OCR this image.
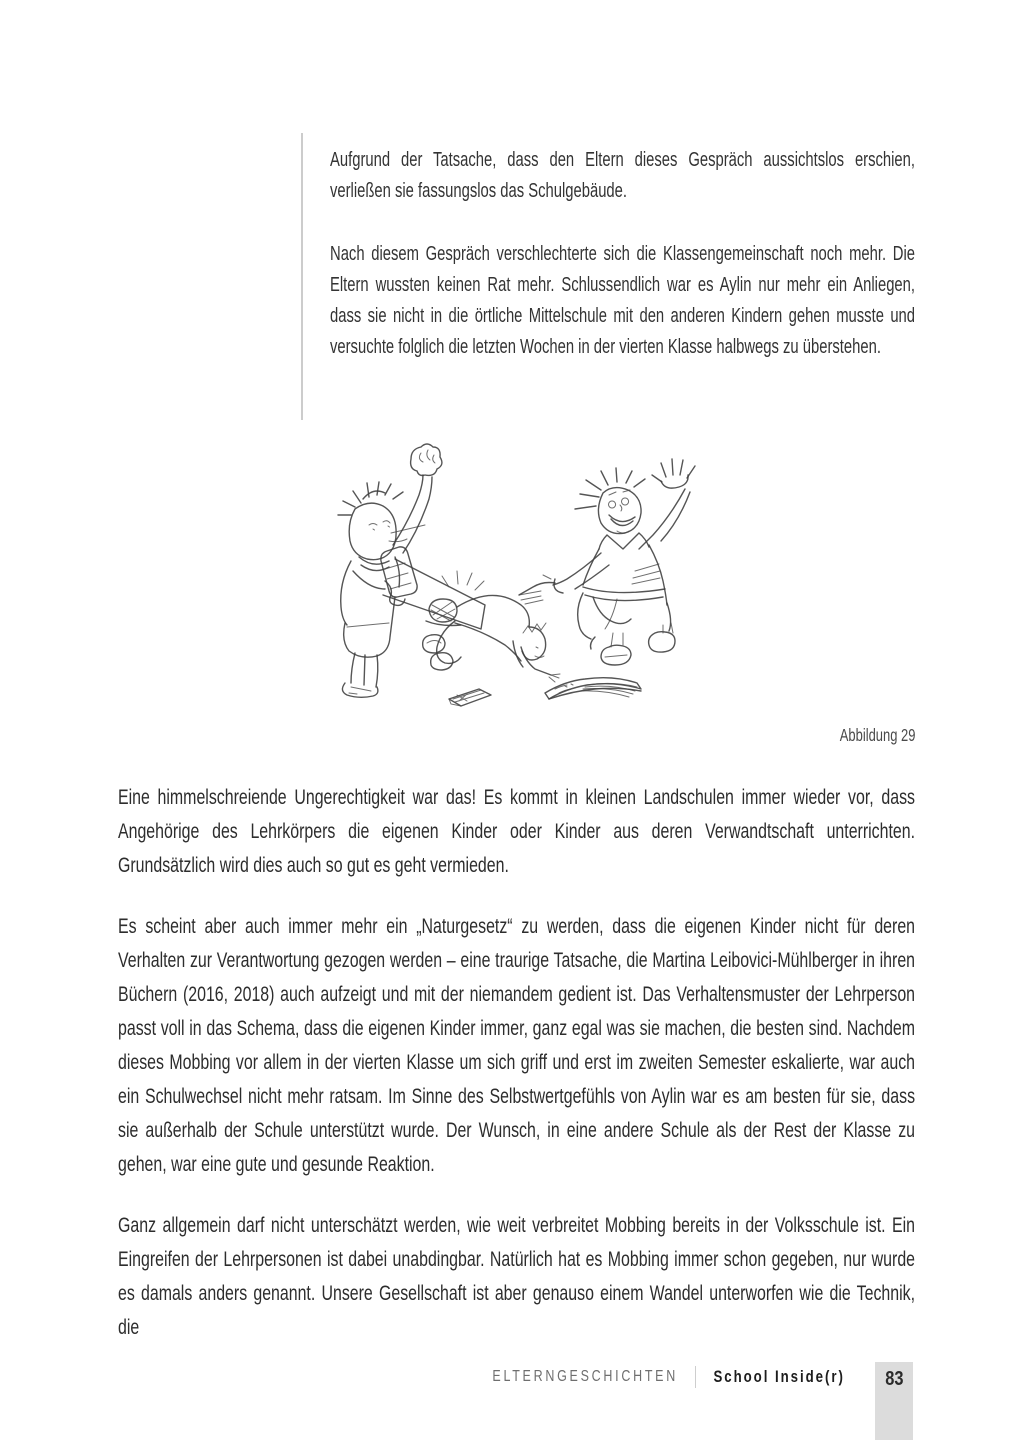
Aufgrund der Tatsache, dass den Eltern dieses Gespräch aussichtslos erschien, verließen sie fassungslos das Schulgebäude.

Nach diesem Gespräch verschlechterte sich die Klassengemeinschaft noch mehr. Die Eltern wussten keinen Rat mehr. Schlussendlich war es Aylin nur mehr ein Anliegen, dass sie nicht in die örtliche Mittelschule mit den anderen Kindern gehen musste und versuchte folglich die letzten Wochen in der vierten Klasse halbwegs zu überstehen.

Abbildung 29

Eine himmelschreiende Ungerechtigkeit war das! Es kommt in kleinen Landschulen immer wieder vor, dass Angehörige des Lehrkörpers die eigenen Kinder oder Kinder aus deren Verwandtschaft unterrichten. Grundsätzlich wird dies auch so gut es geht vermieden.

Es scheint aber auch immer mehr ein „Naturgesetz“ zu werden, dass die eigenen Kinder nicht für deren Verhalten zur Verantwortung gezogen werden – eine traurige Tatsache, die Martina Leibovici-Mühlberger in ihren Büchern (2016, 2018) auch aufzeigt und mit der niemandem gedient ist. Das Verhaltensmuster der Lehrperson passt voll in das Schema, dass die eigenen Kinder immer, ganz egal was sie machen, die besten sind. Nachdem dieses Mobbing vor allem in der vierten Klasse um sich griff und erst im zweiten Semester eskalierte, war auch ein Schulwechsel nicht mehr ratsam. Im Sinne des Selbstwertgefühls von Aylin war es am besten für sie, dass sie außerhalb der Schule unterstützt wurde. Der Wunsch, in eine andere Schule als der Rest der Klasse zu gehen, war eine gute und gesunde Reaktion.

Ganz allgemein darf nicht unterschätzt werden, wie weit verbreitet Mobbing bereits in der Volksschule ist. Ein Eingreifen der Lehrpersonen ist dabei unabdingbar. Natürlich hat es Mobbing immer schon gegeben, nur wurde es damals anders genannt. Unsere Gesellschaft ist aber genauso einem Wandel unterworfen wie die Technik, die

ELTERNGESCHICHTEN School Inside(r)	83
